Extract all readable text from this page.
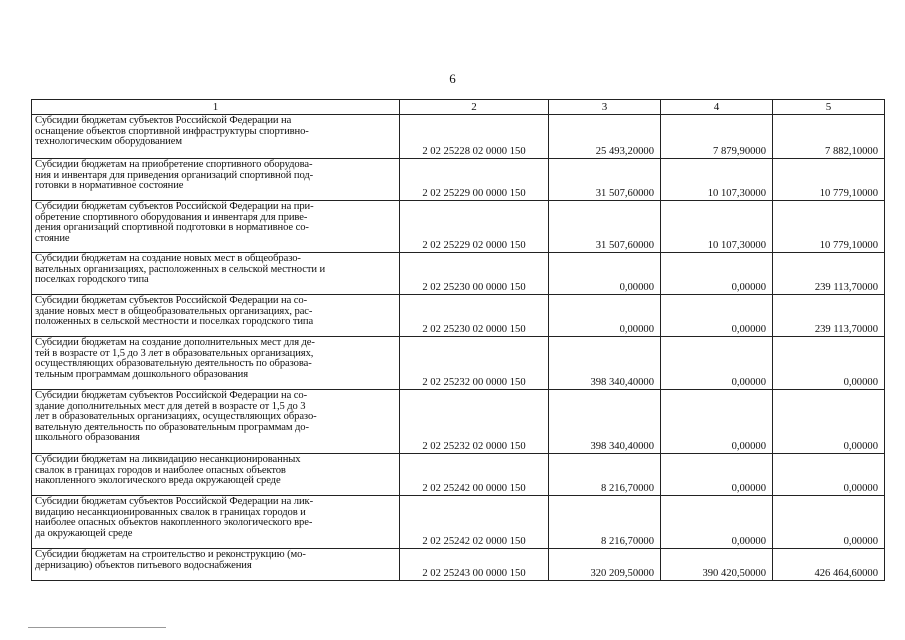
6
1	2	3	4	5

Субсидии бюджетам субъектов Российской Федерации на
оснащение объектов спортивной инфраструктуры спортивно-
технологическим оборудованием	2 02 25228 02 0000 150	25 493,20000	7 879,90000	7 882,10000

Субсидии бюджетам на приобретение спортивного оборудова-
ния и инвентаря для приведения организаций спортивной под-
готовки в нормативное состояние	2 02 25229 00 0000 150	31 507,60000	10 107,30000	10 779,10000

Субсидии бюджетам субъектов Российской Федерации на при-
обретение спортивного оборудования и инвентаря для приве-
дения организаций спортивной подготовки в нормативное со-
стояние	2 02 25229 02 0000 150	31 507,60000	10 107,30000	10 779,10000

Субсидии бюджетам на создание новых мест в общеобразо-
вательных организациях, расположенных в сельской местности и
поселках городского типа	2 02 25230 00 0000 150	0,00000	0,00000	239 113,70000

Субсидии бюджетам субъектов Российской Федерации на со-
здание новых мест в общеобразовательных организациях, рас-
положенных в сельской местности и поселках городского типа	2 02 25230 02 0000 150	0,00000	0,00000	239 113,70000

Субсидии бюджетам на создание дополнительных мест для де-
тей в возрасте от 1,5 до 3 лет в образовательных организациях,
осуществляющих образовательную деятельность по образова-
тельным программам дошкольного образования	2 02 25232 00 0000 150	398 340,40000	0,00000	0,00000

Субсидии бюджетам субъектов Российской Федерации на со-
здание дополнительных мест для детей в возрасте от 1,5 до 3
лет в образовательных организациях, осуществляющих образо-
вательную деятельность по образовательным программам до-
школьного образования	2 02 25232 02 0000 150	398 340,40000	0,00000	0,00000

Субсидии бюджетам на ликвидацию несанкционированных
свалок в границах городов и наиболее опасных объектов
накопленного экологического вреда окружающей среде	2 02 25242 00 0000 150	8 216,70000	0,00000	0,00000

Субсидии бюджетам субъектов Российской Федерации на лик-
видацию несанкционированных свалок в границах городов и
наиболее опасных объектов накопленного экологического вре-
да окружающей среде	2 02 25242 02 0000 150	8 216,70000	0,00000	0,00000

Субсидии бюджетам на строительство и реконструкцию (мо-
дернизацию) объектов питьевого водоснабжения	2 02 25243 00 0000 150	320 209,50000	390 420,50000	426 464,60000
